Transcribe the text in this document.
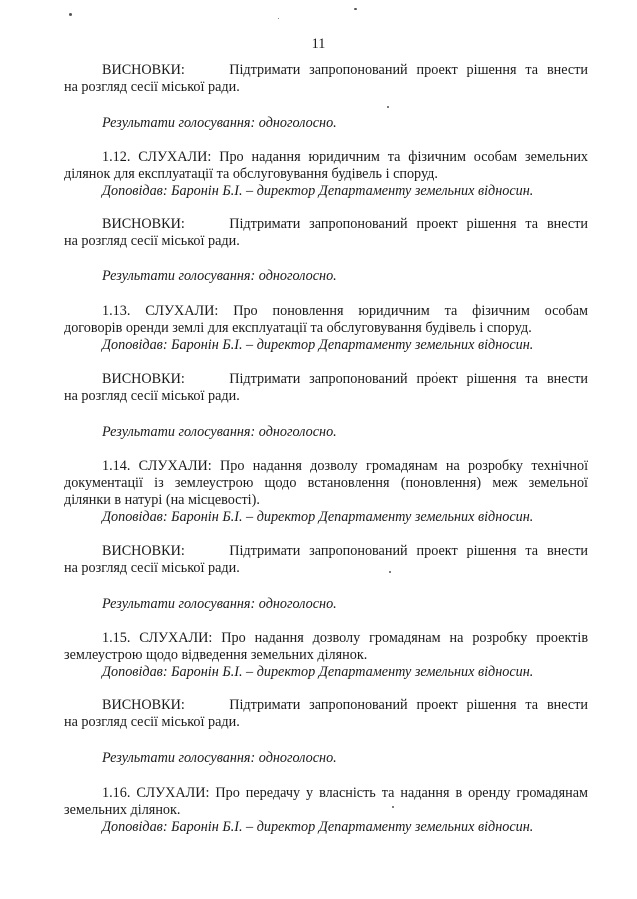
11
ВИСНОВКИ:	Підтримати запропонований проект рішення та внести
на розгляд сесії міської ради.
Результати голосування: одноголосно.
1.12. СЛУХАЛИ: Про надання юридичним та фізичним особам земельних
ділянок для експлуатації та обслуговування будівель і споруд.
Доповідав: Баронін Б.І. – директор Департаменту земельних відносин.
ВИСНОВКИ:	Підтримати запропонований проект рішення та внести
на розгляд сесії міської ради.
Результати голосування: одноголосно.
1.13. СЛУХАЛИ: Про поновлення юридичним та фізичним особам
договорів оренди землі для експлуатації та обслуговування будівель і споруд.
Доповідав: Баронін Б.І. – директор Департаменту земельних відносин.
ВИСНОВКИ:	Підтримати запропонований проект рішення та внести
на розгляд сесії міської ради.
Результати голосування: одноголосно.
1.14. СЛУХАЛИ: Про надання дозволу громадянам на розробку технічної
документації із землеустрою щодо встановлення (поновлення) меж земельної
ділянки в натурі (на місцевості).
Доповідав: Баронін Б.І. – директор Департаменту земельних відносин.
ВИСНОВКИ:	Підтримати запропонований проект рішення та внести
на розгляд сесії міської ради.
Результати голосування: одноголосно.
1.15. СЛУХАЛИ: Про надання дозволу громадянам на розробку проектів
землеустрою щодо відведення земельних ділянок.
Доповідав: Баронін Б.І. – директор Департаменту земельних відносин.
ВИСНОВКИ:	Підтримати запропонований проект рішення та внести
на розгляд сесії міської ради.
Результати голосування: одноголосно.
1.16. СЛУХАЛИ: Про передачу у власність та надання в оренду громадянам
земельних ділянок.
Доповідав: Баронін Б.І. – директор Департаменту земельних відносин.
